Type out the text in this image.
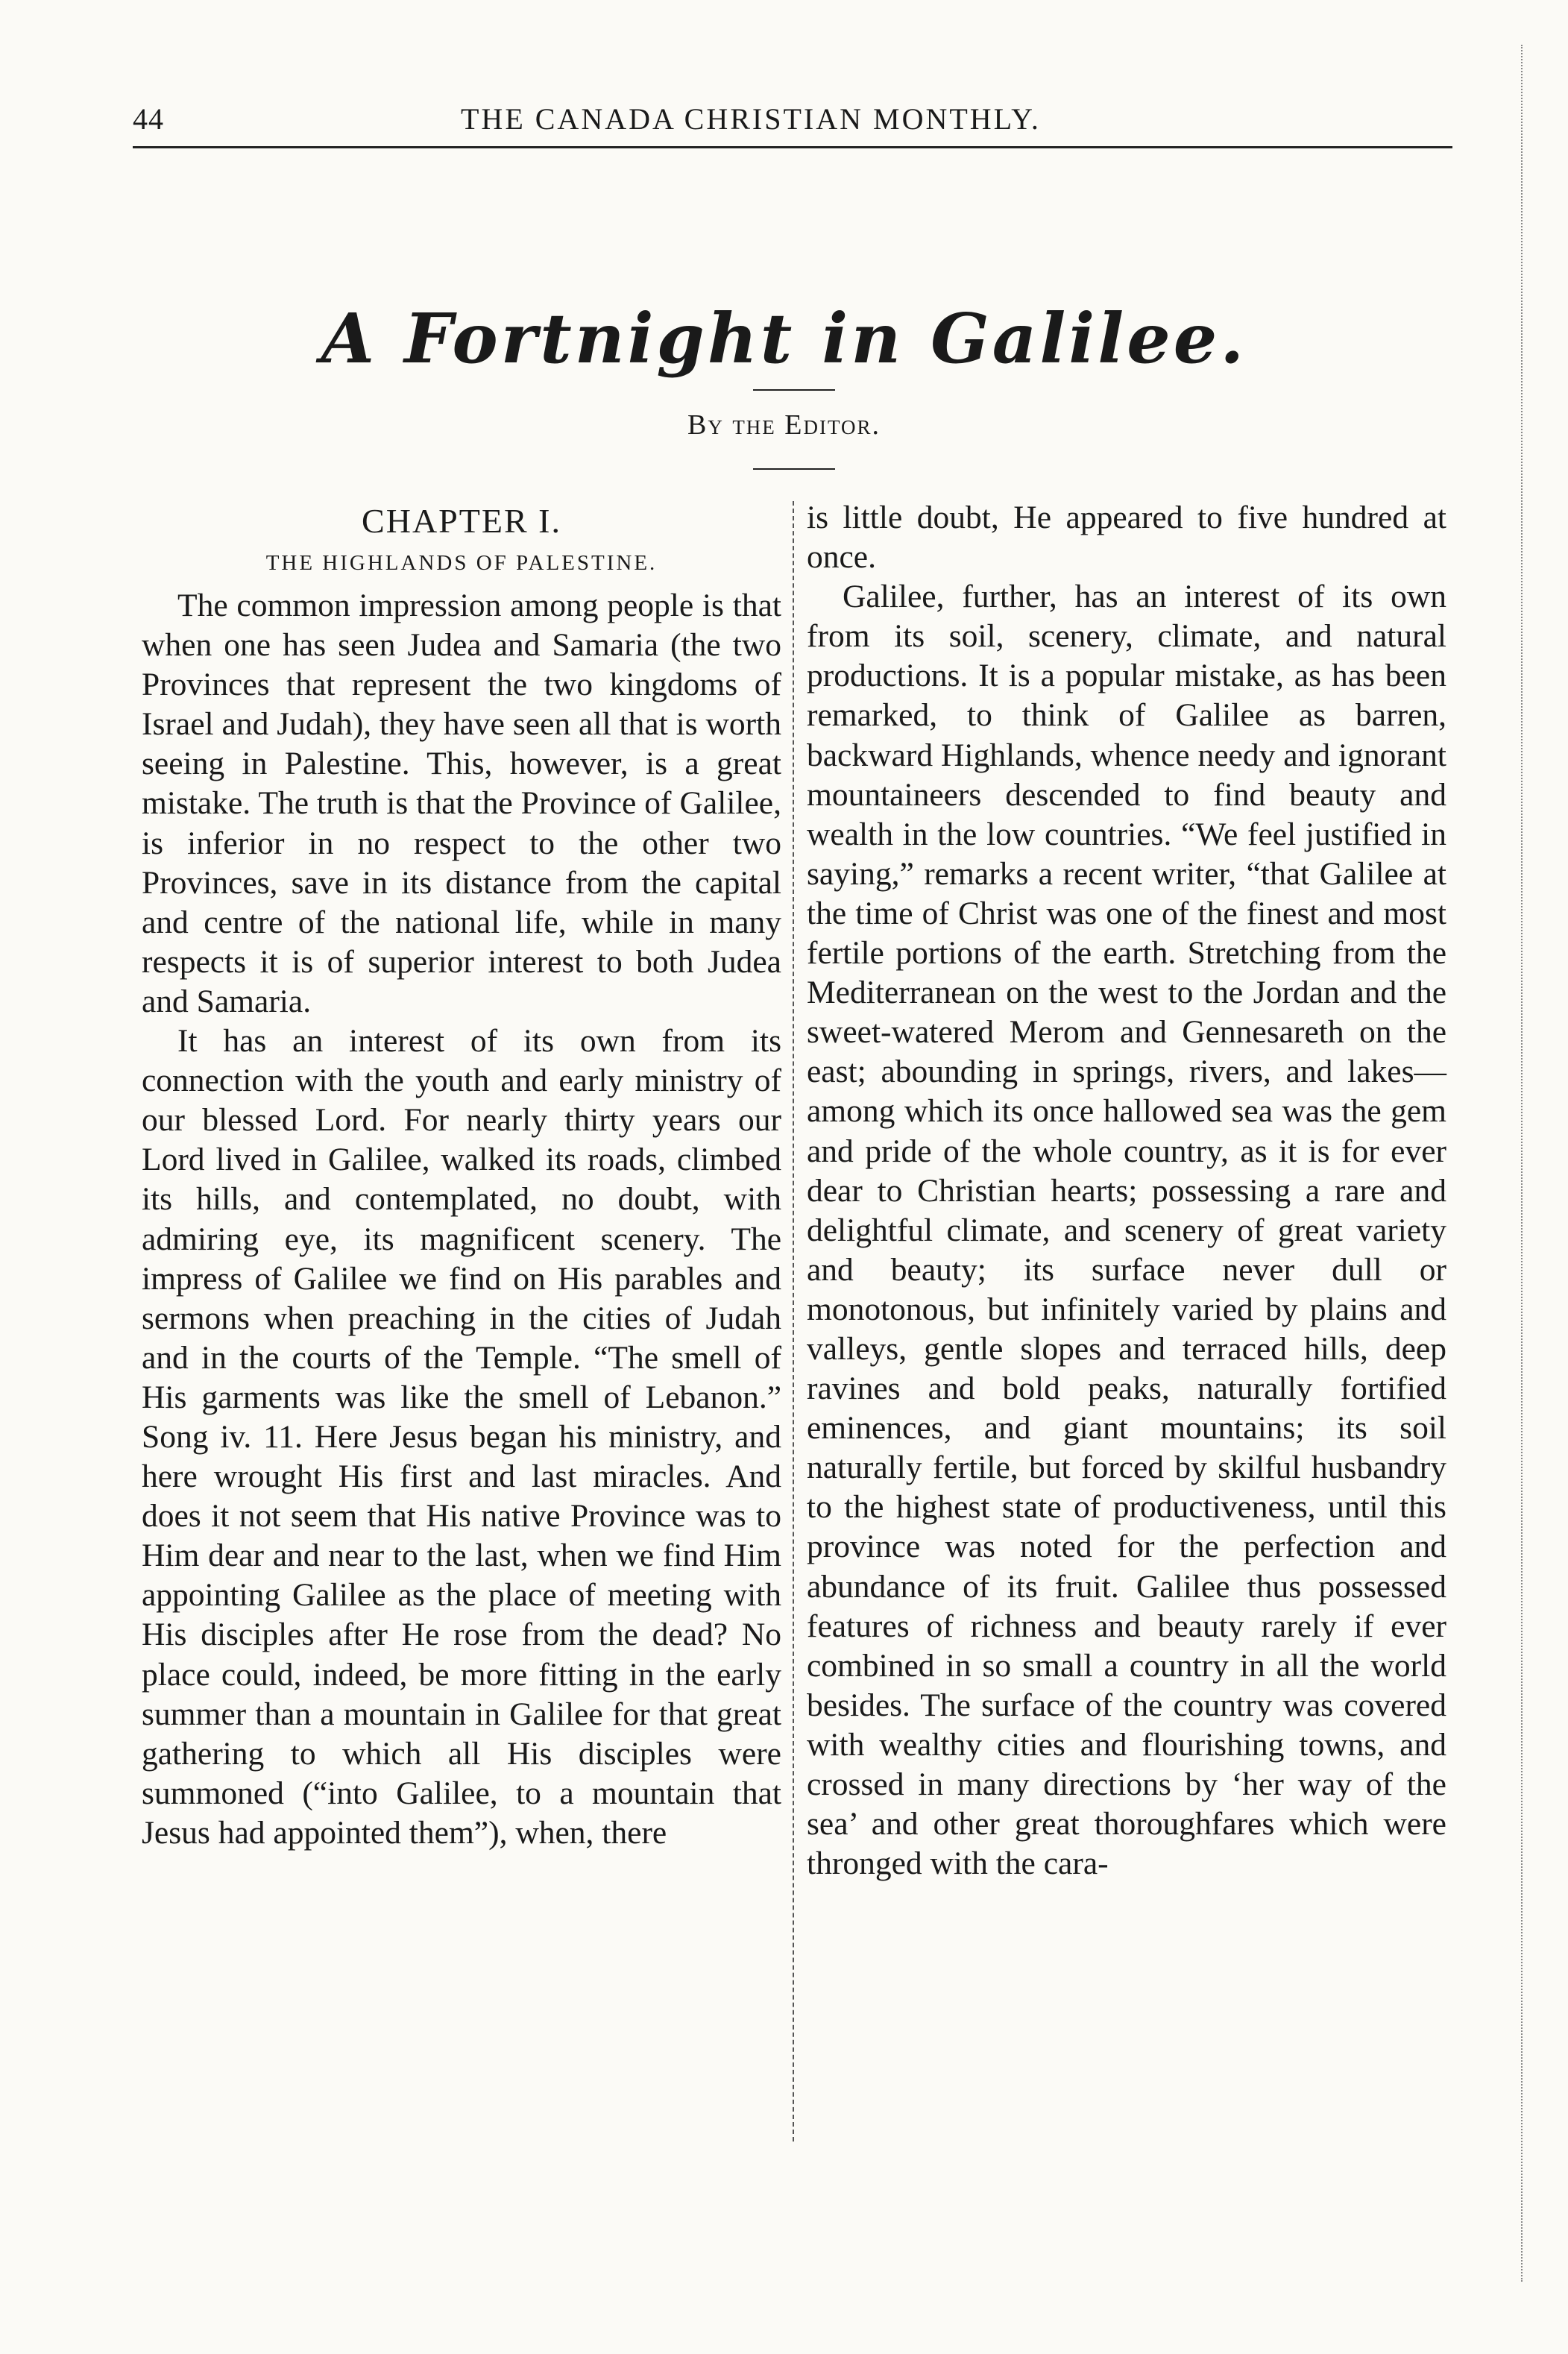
44	THE CANADA CHRISTIAN MONTHLY.
A Fortnight in Galilee.
By the Editor.

CHAPTER I.

THE HIGHLANDS OF PALESTINE.

The common impression among people is that when one has seen Judea and Samaria (the two Provinces that represent the two kingdoms of Israel and Judah), they have seen all that is worth seeing in Palestine. This, however, is a great mistake. The truth is that the Province of Galilee, is inferior in no respect to the other two Provinces, save in its distance from the capital and centre of the national life, while in many respects it is of superior interest to both Judea and Samaria.

It has an interest of its own from its connection with the youth and early ministry of our blessed Lord. For nearly thirty years our Lord lived in Galilee, walked its roads, climbed its hills, and contemplated, no doubt, with admiring eye, its magnificent scenery. The impress of Galilee we find on His parables and sermons when preaching in the cities of Judah and in the courts of the Temple. “The smell of His garments was like the smell of Lebanon.” Song iv. 11. Here Jesus began his ministry, and here wrought His first and last miracles. And does it not seem that His native Province was to Him dear and near to the last, when we find Him appointing Galilee as the place of meeting with His disciples after He rose from the dead? No place could, indeed, be more fitting in the early summer than a mountain in Galilee for that great gathering to which all His disciples were summoned (“into Galilee, to a mountain that Jesus had appointed them”), when, there

is little doubt, He appeared to five hundred at once.

Galilee, further, has an interest of its own from its soil, scenery, climate, and natural productions. It is a popular mistake, as has been remarked, to think of Galilee as barren, backward Highlands, whence needy and ignorant mountaineers descended to find beauty and wealth in the low countries. “We feel justified in saying,” remarks a recent writer, “that Galilee at the time of Christ was one of the finest and most fertile portions of the earth. Stretching from the Mediterranean on the west to the Jordan and the sweet-watered Merom and Gennesareth on the east; abounding in springs, rivers, and lakes—among which its once hallowed sea was the gem and pride of the whole country, as it is for ever dear to Christian hearts; possessing a rare and delightful climate, and scenery of great variety and beauty; its surface never dull or monotonous, but infinitely varied by plains and valleys, gentle slopes and terraced hills, deep ravines and bold peaks, naturally fortified eminences, and giant mountains; its soil naturally fertile, but forced by skilful husbandry to the highest state of productiveness, until this province was noted for the perfection and abundance of its fruit. Galilee thus possessed features of richness and beauty rarely if ever combined in so small a country in all the world besides. The surface of the country was covered with wealthy cities and flourishing towns, and crossed in many directions by ‘her way of the sea’ and other great thoroughfares which were thronged with the cara-
